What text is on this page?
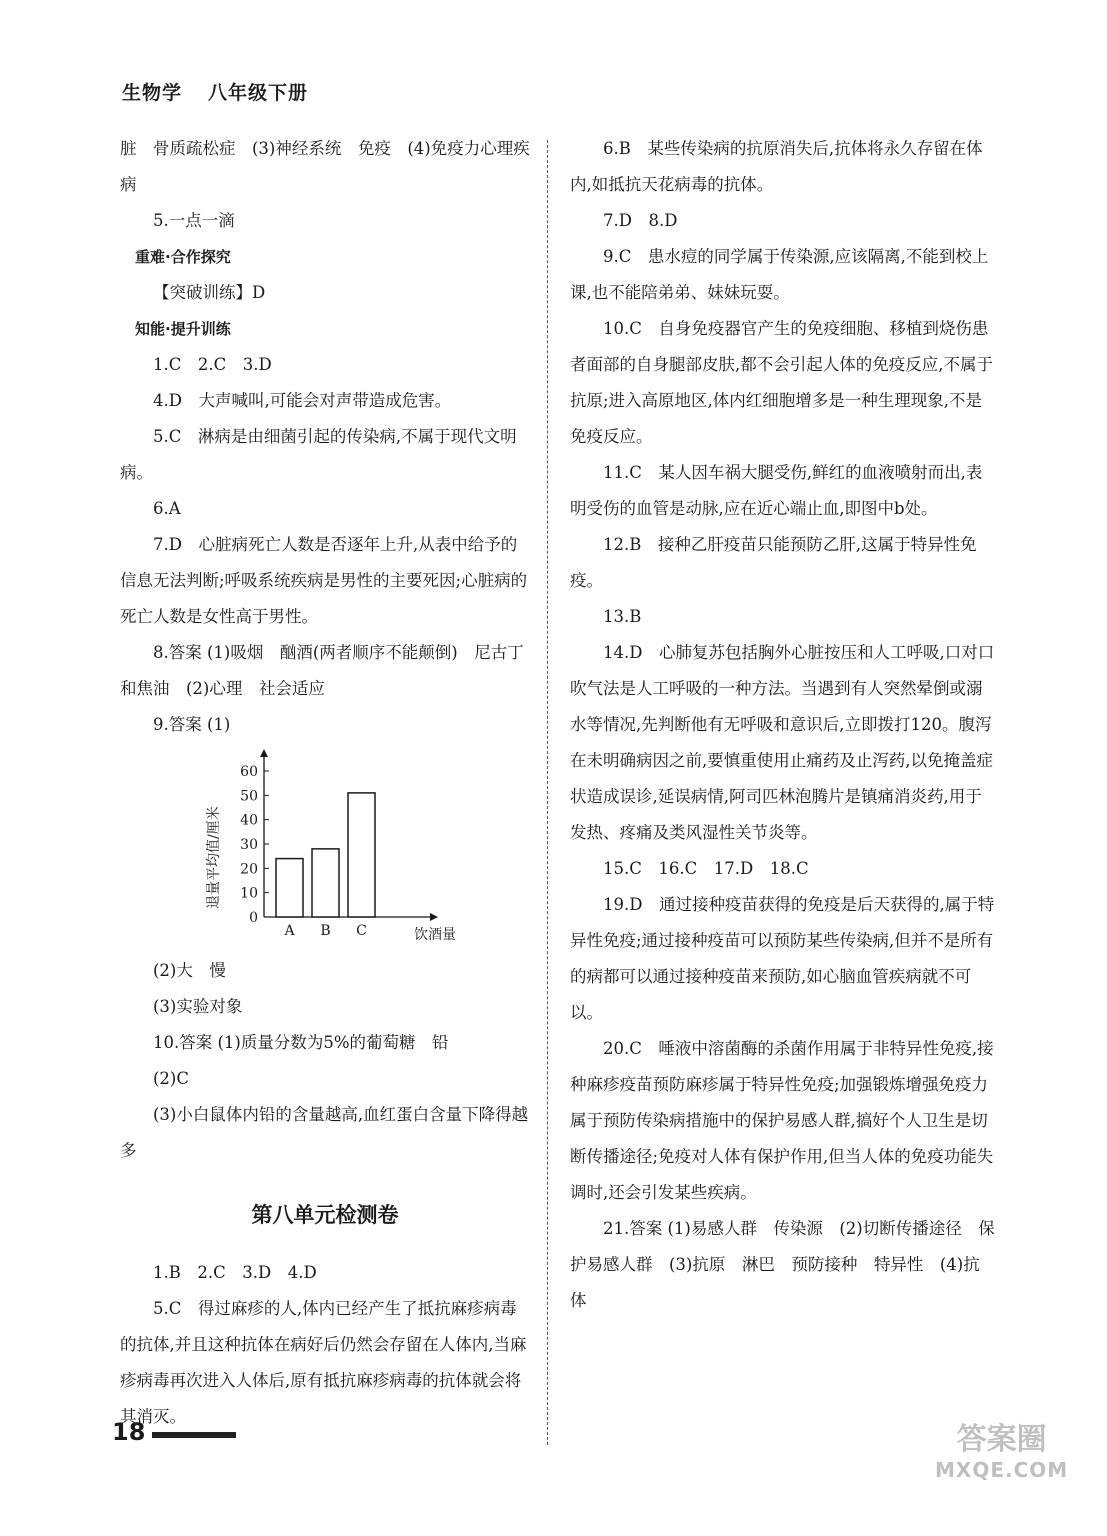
生物学 八年级下册

脏　骨质疏松症　(3)神经系统　免疫　(4)免疫力心理疾病

5.一点一滴

重难·合作探究

【突破训练】D

知能·提升训练

1.C　2.C　3.D

4.D　大声喊叫,可能会对声带造成危害。

5.C　淋病是由细菌引起的传染病,不属于现代文明病。

6.A

7.D　心脏病死亡人数是否逐年上升,从表中给予的信息无法判断;呼吸系统疾病是男性的主要死因;心脏病的死亡人数是女性高于男性。

8.答案 (1)吸烟　酗酒(两者顺序不能颠倒)　尼古丁和焦油　(2)心理　社会适应

9.答案 (1)

0
10
20
30
40
50
60
A B C	饮酒量
退量平均值/厘米

(2)大　慢

(3)实验对象

10.答案 (1)质量分数为5%的葡萄糖　铅

(2)C

(3)小白鼠体内铅的含量越高,血红蛋白含量下降得越多

第八单元检测卷

1.B　2.C　3.D　4.D

5.C　得过麻疹的人,体内已经产生了抵抗麻疹病毒的抗体,并且这种抗体在病好后仍然会存留在人体内,当麻疹病毒再次进入人体后,原有抵抗麻疹病毒的抗体就会将其消灭。

6.B　某些传染病的抗原消失后,抗体将永久存留在体内,如抵抗天花病毒的抗体。

7.D　8.D

9.C　患水痘的同学属于传染源,应该隔离,不能到校上课,也不能陪弟弟、妹妹玩耍。

10.C　自身免疫器官产生的免疫细胞、移植到烧伤患者面部的自身腿部皮肤,都不会引起人体的免疫反应,不属于抗原;进入高原地区,体内红细胞增多是一种生理现象,不是免疫反应。

11.C　某人因车祸大腿受伤,鲜红的血液喷射而出,表明受伤的血管是动脉,应在近心端止血,即图中b处。

12.B　接种乙肝疫苗只能预防乙肝,这属于特异性免疫。

13.B

14.D　心肺复苏包括胸外心脏按压和人工呼吸,口对口吹气法是人工呼吸的一种方法。当遇到有人突然晕倒或溺水等情况,先判断他有无呼吸和意识后,立即拨打120。腹泻在未明确病因之前,要慎重使用止痛药及止泻药,以免掩盖症状造成误诊,延误病情,阿司匹林泡腾片是镇痛消炎药,用于发热、疼痛及类风湿性关节炎等。

15.C　16.C　17.D　18.C

19.D　通过接种疫苗获得的免疫是后天获得的,属于特异性免疫;通过接种疫苗可以预防某些传染病,但并不是所有的病都可以通过接种疫苗来预防,如心脑血管疾病就不可以。

20.C　唾液中溶菌酶的杀菌作用属于非特异性免疫,接种麻疹疫苗预防麻疹属于特异性免疫;加强锻炼增强免疫力属于预防传染病措施中的保护易感人群,搞好个人卫生是切断传播途径;免疫对人体有保护作用,但当人体的免疫功能失调时,还会引发某些疾病。

21.答案 (1)易感人群　传染源　(2)切断传播途径　保护易感人群　(3)抗原　淋巴　预防接种　特异性　(4)抗体

18	答案圈
MXQE.COM
